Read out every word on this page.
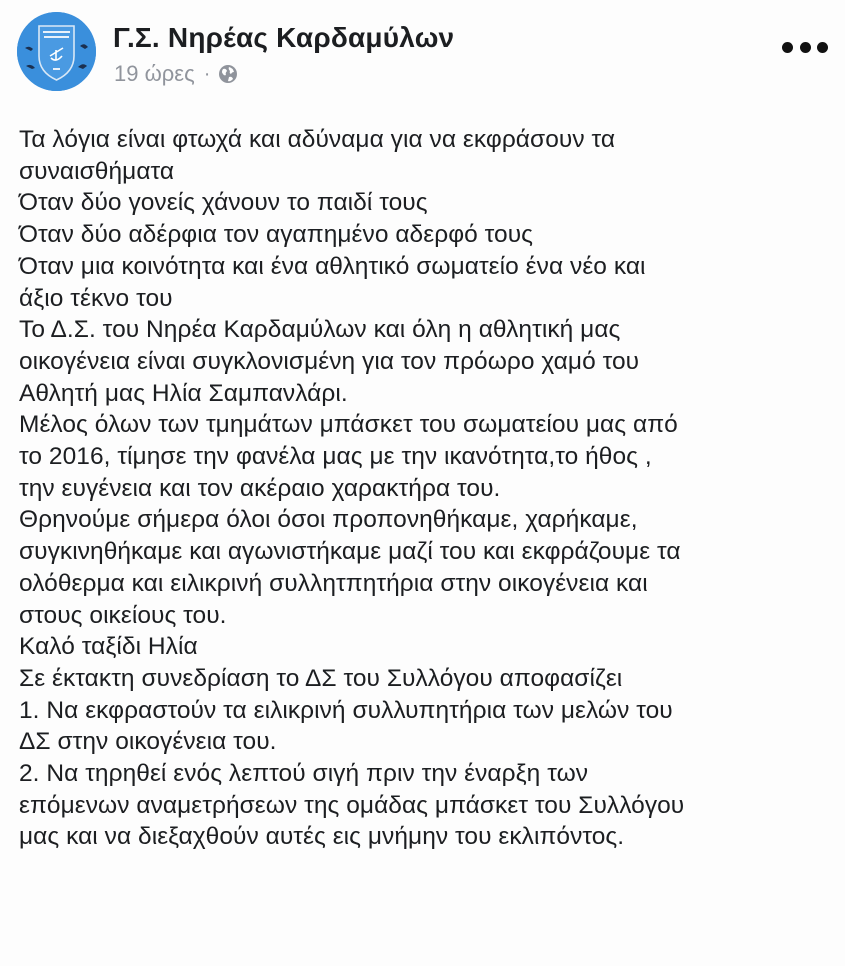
Γ.Σ. Νηρέας Καρδαμύλων
19 ώρες ·
Τα λόγια είναι φτωχά και αδύναμα για να εκφράσουν τα
συναισθήματα
Όταν δύο γονείς χάνουν το παιδί τους
Όταν δύο αδέρφια τον αγαπημένο αδερφό τους
Όταν μια κοινότητα και ένα αθλητικό σωματείο ένα νέο και
άξιο τέκνο του
Το Δ.Σ. του Νηρέα Καρδαμύλων και όλη η αθλητική μας
οικογένεια είναι συγκλονισμένη για τον πρόωρο χαμό του
Αθλητή μας Ηλία Σαμπανλάρι.
Μέλος όλων των τμημάτων μπάσκετ του σωματείου μας από
το 2016, τίμησε την φανέλα μας με την ικανότητα,το ήθος ,
την ευγένεια και τον ακέραιο χαρακτήρα του.
Θρηνούμε σήμερα όλοι όσοι προπονηθήκαμε, χαρήκαμε,
συγκινηθήκαμε και αγωνιστήκαμε μαζί του και εκφράζουμε τα
ολόθερμα και ειλικρινή συλλητπητήρια στην οικογένεια και
στους οικείους του.
Καλό ταξίδι Ηλία
Σε έκτακτη συνεδρίαση το ΔΣ του Συλλόγου αποφασίζει
1. Να εκφραστούν τα ειλικρινή συλλυπητήρια των μελών του
ΔΣ στην οικογένεια του.
2. Να τηρηθεί ενός λεπτού σιγή πριν την έναρξη των
επόμενων αναμετρήσεων της ομάδας μπάσκετ του Συλλόγου
μας και να διεξαχθούν αυτές εις μνήμην του εκλιπόντος.
